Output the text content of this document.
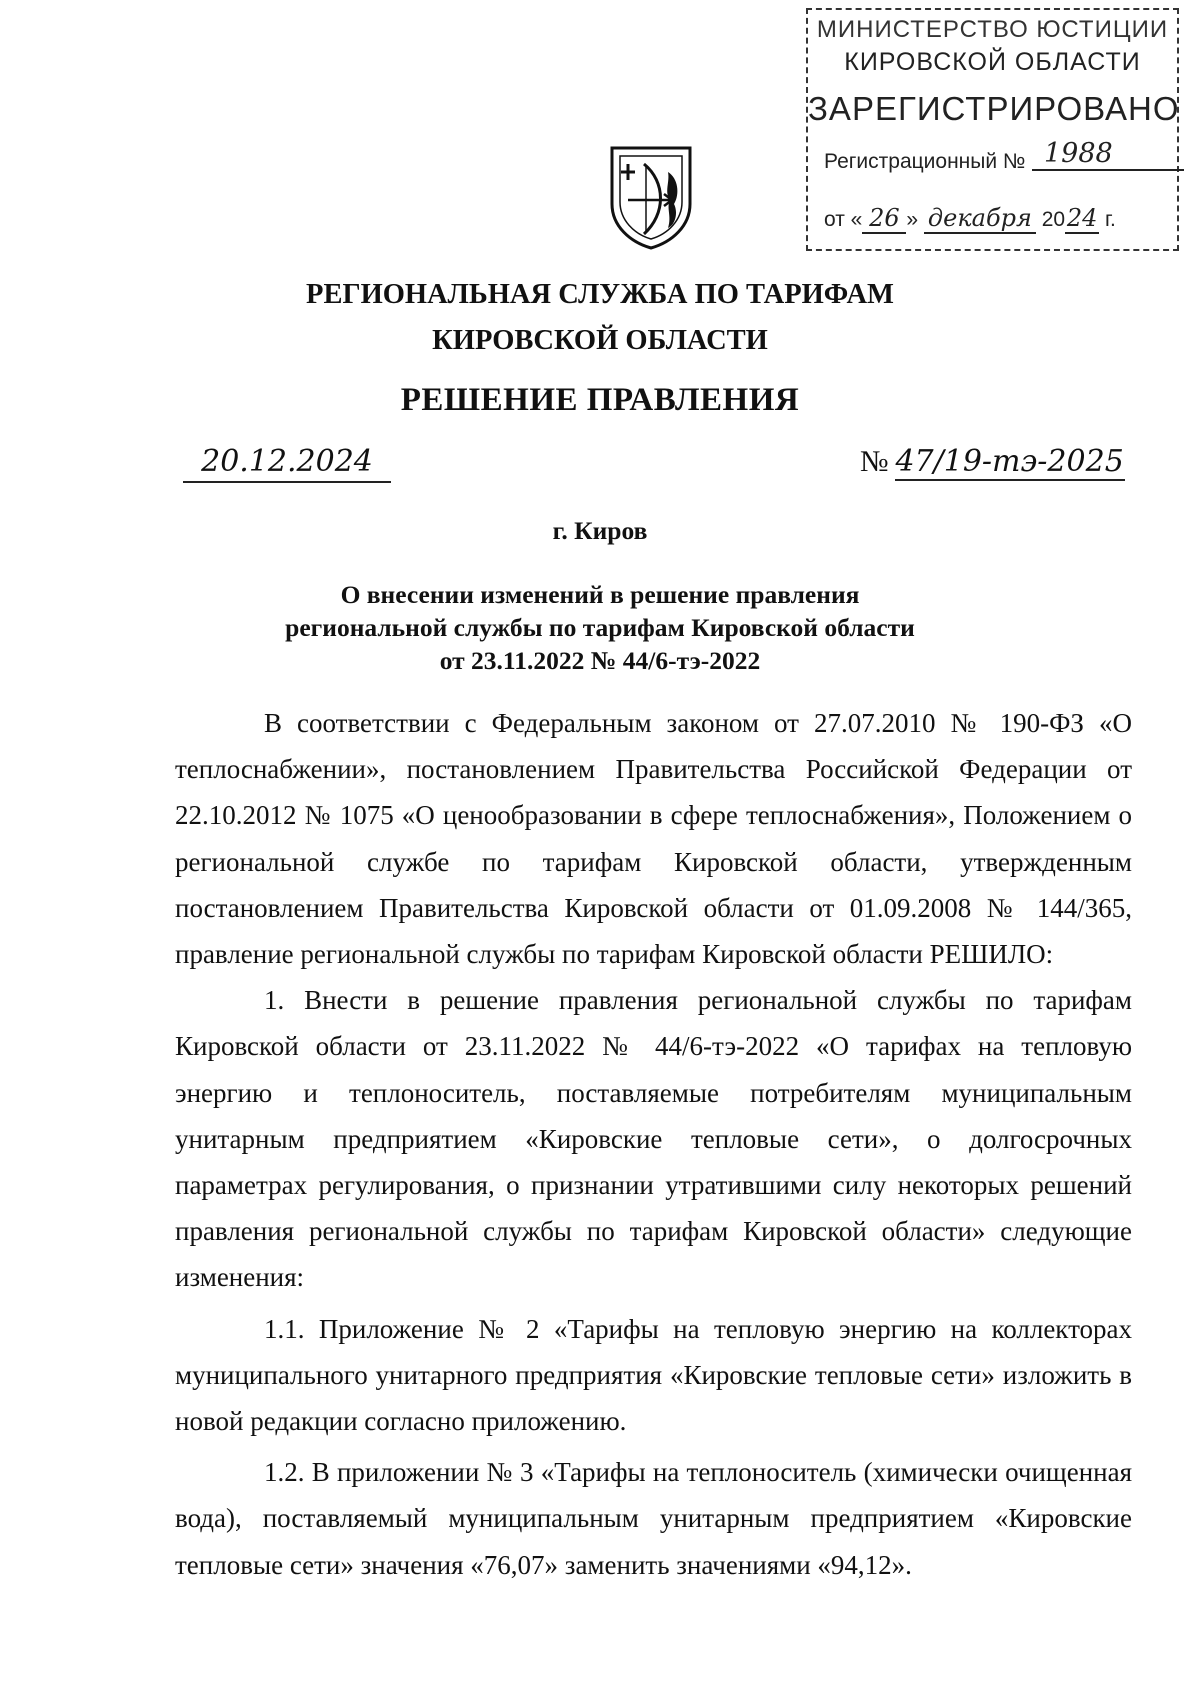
МИНИСТЕРСТВО ЮСТИЦИИ
КИРОВСКОЙ ОБЛАСТИ
ЗАРЕГИСТРИРОВАНО
Регистрационный № 1988
от « 26 » декабря 2024 г.
РЕГИОНАЛЬНАЯ СЛУЖБА ПО ТАРИФАМ
КИРОВСКОЙ ОБЛАСТИ
РЕШЕНИЕ ПРАВЛЕНИЯ
20.12.2024	№ 47/19-тэ-2025
г. Киров
О внесении изменений в решение правления
региональной службы по тарифам Кировской области
от 23.11.2022 № 44/6-тэ-2022

В соответствии с Федеральным законом от 27.07.2010 № 190-ФЗ «О теплоснабжении», постановлением Правительства Российской Федерации от 22.10.2012 № 1075 «О ценообразовании в сфере теплоснабжения», Положением о региональной службе по тарифам Кировской области, утвержденным постановлением Правительства Кировской области от 01.09.2008 № 144/365, правление региональной службы по тарифам Кировской области РЕШИЛО:

1. Внести в решение правления региональной службы по тарифам Кировской области от 23.11.2022 № 44/6-тэ-2022 «О тарифах на тепловую энергию и теплоноситель, поставляемые потребителям муниципальным унитарным предприятием «Кировские тепловые сети», о долгосрочных параметрах регулирования, о признании утратившими силу некоторых решений правления региональной службы по тарифам Кировской области» следующие изменения:

1.1. Приложение № 2 «Тарифы на тепловую энергию на коллекторах муниципального унитарного предприятия «Кировские тепловые сети» изложить в новой редакции согласно приложению.

1.2. В приложении № 3 «Тарифы на теплоноситель (химически очищенная вода), поставляемый муниципальным унитарным предприятием «Кировские тепловые сети» значения «76,07» заменить значениями «94,12».
